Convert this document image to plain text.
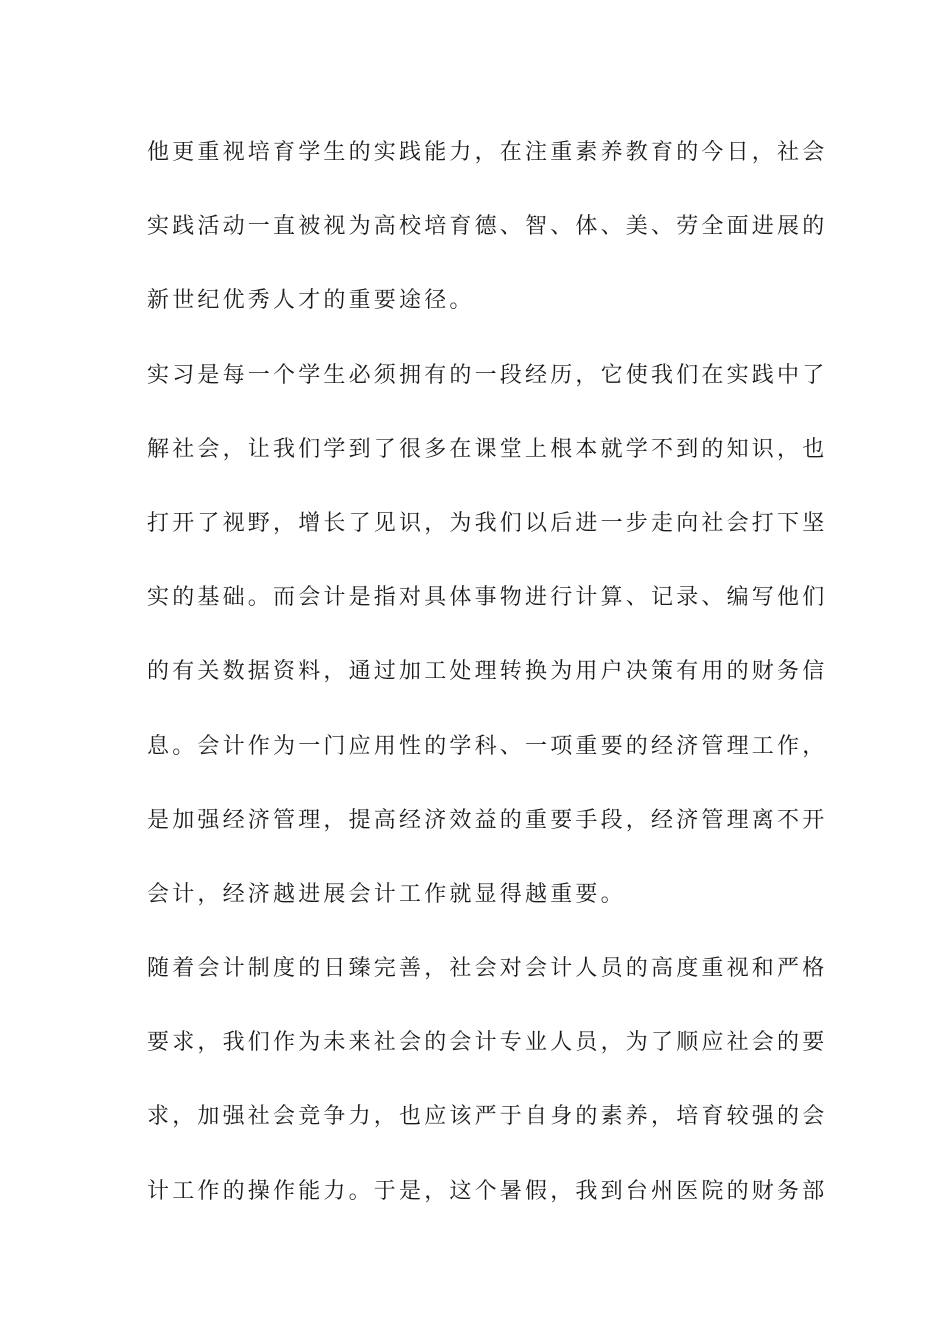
他更重视培育学生的实践能力，在注重素养教育的今日，社会
实践活动一直被视为高校培育德、智、体、美、劳全面进展的
新世纪优秀人才的重要途径。
实习是每一个学生必须拥有的一段经历，它使我们在实践中了
解社会，让我们学到了很多在课堂上根本就学不到的知识，也
打开了视野，增长了见识，为我们以后进一步走向社会打下坚
实的基础。而会计是指对具体事物进行计算、记录、编写他们
的有关数据资料，通过加工处理转换为用户决策有用的财务信
息。会计作为一门应用性的学科、一项重要的经济管理工作，
是加强经济管理，提高经济效益的重要手段，经济管理离不开
会计，经济越进展会计工作就显得越重要。
随着会计制度的日臻完善，社会对会计人员的高度重视和严格
要求，我们作为未来社会的会计专业人员，为了顺应社会的要
求，加强社会竞争力，也应该严于自身的素养，培育较强的会
计工作的操作能力。于是，这个暑假，我到台州医院的财务部
